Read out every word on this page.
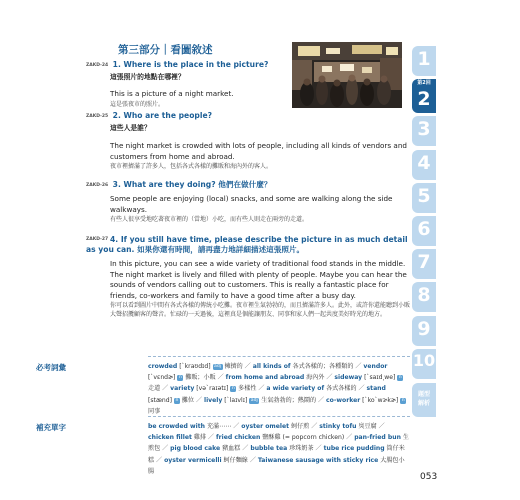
第三部分｜看圖敘述
ZAKD-24 1. Where is the place in the picture?
這張照片的地點在哪裡？
This is a picture of a night market.
這是張夜市的照片。
ZAKD-25 2. Who are the people?
這些人是誰？
The night market is crowded with lots of people, including all kinds of vendors and customers from home and abroad.
夜市裡擠滿了許多人，包括各式各樣的攤販和海內外的客人。
ZAKD-26 3. What are they doing? 他們在做什麼？
Some people are enjoying (local) snacks, and some are walking along the side walkways.
有些人很享受地吃著夜市裡的（當地）小吃，而有些人則走在兩旁的走道。
ZAKD-27 4. If you still have time, please describe the picture in as much detail as you can. 如果你還有時間，請再盡力地詳細描述這張照片。
In this picture, you can see a wide variety of traditional food stands in the middle. The night market is lively and filled with plenty of people. Maybe you can hear the sounds of vendors calling out to customers. This is really a fantastic place for friends, co-workers and family to have a good time after a busy day.
你可以看到圖片中間有各式各樣的傳統小吃攤。夜市裡生氣勃勃的，而且擠滿許多人。此外，或許你還能聽到小販大聲招攬顧客的聲音。忙碌的一天過後，這裡真是個能讓朋友、同事和家人們一起共度美好時光的地方。
必考詞彙	crowded [ˋkraʊdɪd] adj 擁擠的 ／ all kinds of 各式各樣的；各種類的 ／ vendor [ˋvɛndɚ] n 攤販；小販 ／ from home and abroad 海內外 ／ sideway [ˋsaɪd͵we] n 走道 ／ variety [vəˋraɪətɪ] n 多樣性 ／ a wide variety of 各式各樣的 ／ stand [stænd] n 攤位 ／ lively [ˋlaɪvlɪ] adj 生氣勃勃的；熱鬧的 ／ co-worker [ˋkoˋwɝkɚ] n 同事
補充單字	be crowded with 充滿⋯⋯ ／ oyster omelet 蚵仔煎 ／ stinky tofu 臭豆腐 ／ chicken fillet 雞排 ／ fried chicken 鹽酥雞 (= popcorn chicken) ／ pan-fried bun 生煎包 ／ pig blood cake 豬血糕 ／ bubble tea 珍珠奶茶 ／ tube rice pudding 筒仔米糕 ／ oyster vermicelli 蚵仔麵線 ／ Taiwanese sausage with sticky rice 大腸包小腸
053
1
第2回
2
3
4
5
6
7
8
9
10
題型
解析
